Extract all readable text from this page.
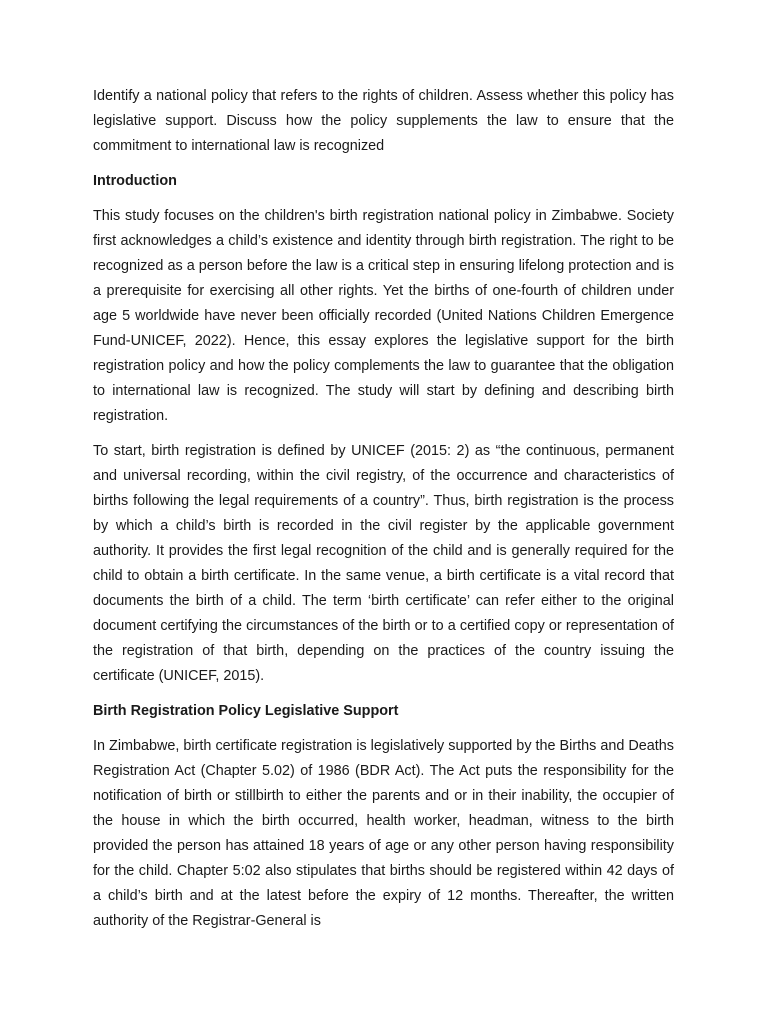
Identify a national policy that refers to the rights of children. Assess whether this policy has legislative support. Discuss how the policy supplements the law to ensure that the commitment to international law is recognized

Introduction

This study focuses on the children's birth registration national policy in Zimbabwe. Society first acknowledges a child’s existence and identity through birth registration. The right to be recognized as a person before the law is a critical step in ensuring lifelong protection and is a prerequisite for exercising all other rights. Yet the births of one-fourth of children under age 5 worldwide have never been officially recorded (United Nations Children Emergence Fund-UNICEF, 2022). Hence, this essay explores the legislative support for the birth registration policy and how the policy complements the law to guarantee that the obligation to international law is recognized. The study will start by defining and describing birth registration.

To start, birth registration is defined by UNICEF (2015: 2) as “the continuous, permanent and universal recording, within the civil registry, of the occurrence and characteristics of births following the legal requirements of a country”. Thus, birth registration is the process by which a child’s birth is recorded in the civil register by the applicable government authority. It provides the first legal recognition of the child and is generally required for the child to obtain a birth certificate. In the same venue, a birth certificate is a vital record that documents the birth of a child. The term ‘birth certificate’ can refer either to the original document certifying the circumstances of the birth or to a certified copy or representation of the registration of that birth, depending on the practices of the country issuing the certificate (UNICEF, 2015).

Birth Registration Policy Legislative Support

In Zimbabwe, birth certificate registration is legislatively supported by the Births and Deaths Registration Act (Chapter 5.02) of 1986 (BDR Act). The Act puts the responsibility for the notification of birth or stillbirth to either the parents and or in their inability, the occupier of the house in which the birth occurred, health worker, headman, witness to the birth provided the person has attained 18 years of age or any other person having responsibility for the child. Chapter 5:02 also stipulates that births should be registered within 42 days of a child’s birth and at the latest before the expiry of 12 months. Thereafter, the written authority of the Registrar-General is
